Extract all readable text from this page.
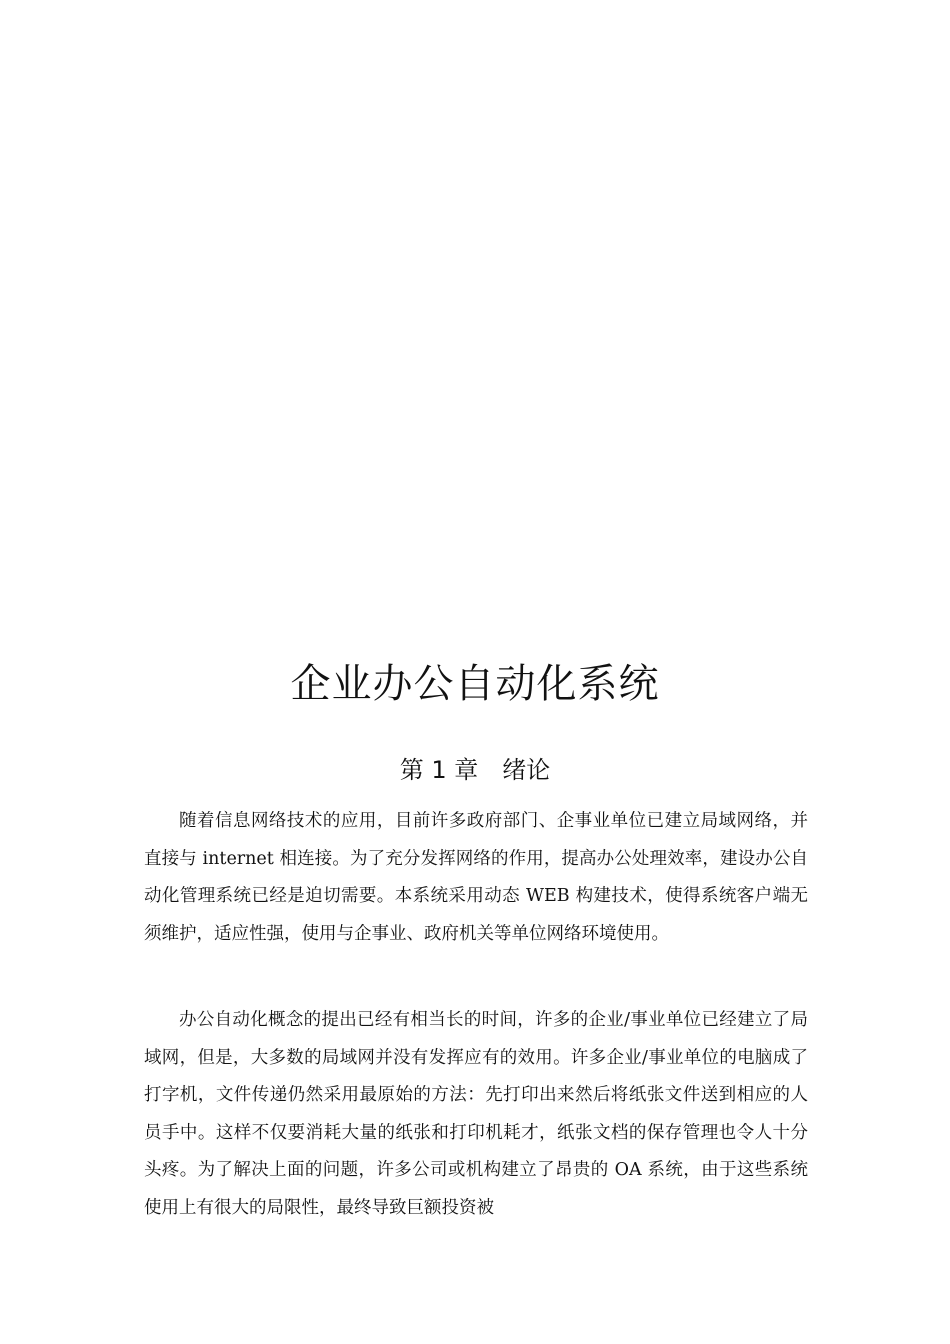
企业办公自动化系统
第 1 章　绪论

随着信息网络技术的应用，目前许多政府部门、企事业单位已建立局域网络，并直接与 internet 相连接。为了充分发挥网络的作用，提高办公处理效率，建设办公自动化管理系统已经是迫切需要。本系统采用动态 WEB 构建技术，使得系统客户端无须维护，适应性强，使用与企事业、政府机关等单位网络环境使用。

办公自动化概念的提出已经有相当长的时间，许多的企业/事业单位已经建立了局域网，但是，大多数的局域网并没有发挥应有的效用。许多企业/事业单位的电脑成了打字机，文件传递仍然采用最原始的方法：先打印出来然后将纸张文件送到相应的人员手中。这样不仅要消耗大量的纸张和打印机耗才，纸张文档的保存管理也令人十分头疼。为了解决上面的问题，许多公司或机构建立了昂贵的 OA 系统，由于这些系统使用上有很大的局限性，最终导致巨额投资被
